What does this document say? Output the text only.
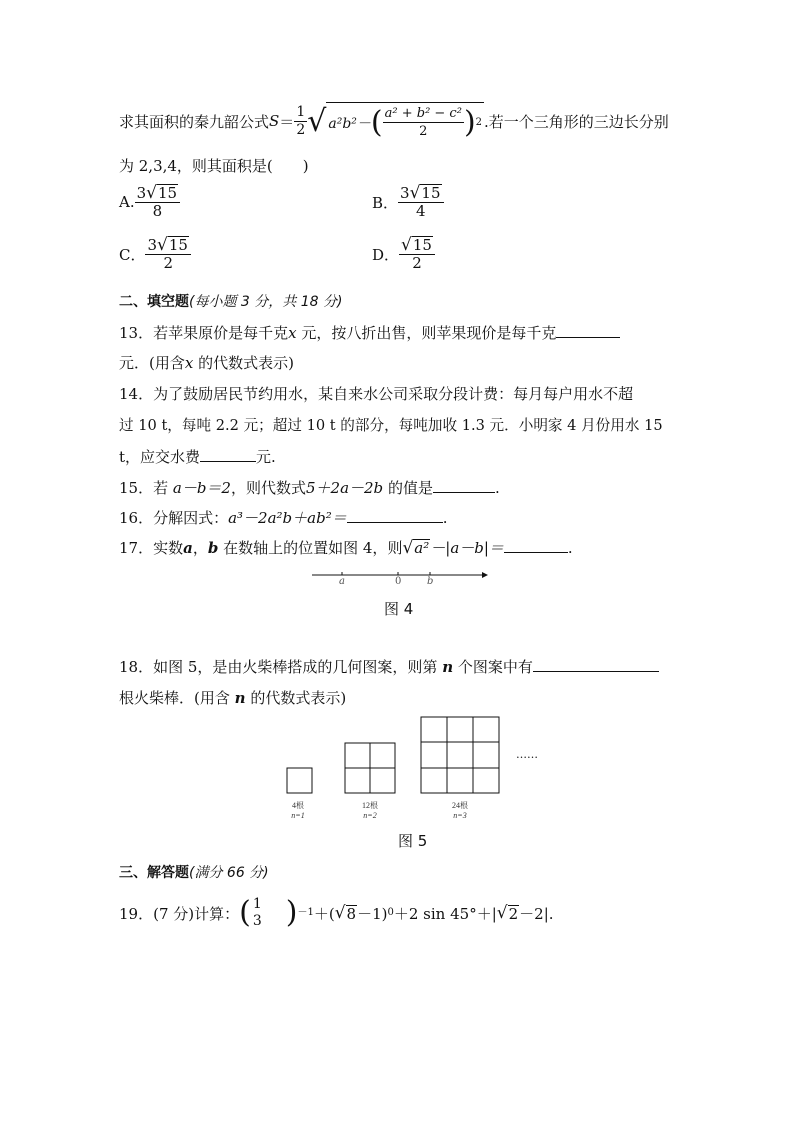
求其面积的秦九韶公式 $S = \frac{1}{2}$ √ a²b²－ ( $\frac{\text{a² + b² − c²}}{2}$ ) 2 .若一个三角形的三边长分别
为 2,3,4，则其面积是(　　)
A. $\frac{3√15}{8}$	B． $\frac{3√15}{4}$
C． $\frac{3√15}{2}$	D． $\frac{√15}{2}$
二、填空题(每小题 3 分，共 18 分)
13．若苹果原价是每千克x 元，按八折出售，则苹果现价是每千克
元．(用含x 的代数式表示)
14．为了鼓励居民节约用水，某自来水公司采取分段计费：每月每户用水不超
过 10 t，每吨 2.2 元；超过 10 t 的部分，每吨加收 1.3 元．小明家 4 月份用水 15
t，应交水费	元.
15．若 a－b＝2，则代数式5＋2a－2b 的值是	.
16．分解因式：a³－2a²b＋ab²＝	.
17．实数a，b 在数轴上的位置如图 4，则√a²－|a－b|＝	.
a	0	b
图 4
18．如图 5，是由火柴棒搭成的几何图案，则第 n 个图案中有
根火柴棒．(用含 n 的代数式表示)
……
4根
n=1
12根
n=2
24根
n=3
图 5
三、解答题(满分 66 分)
19．(7 分)计算： ( 1
3 ) －1 ＋( √ 8 －1) 0 ＋2 sin 45°＋| √ 2 －2|.
